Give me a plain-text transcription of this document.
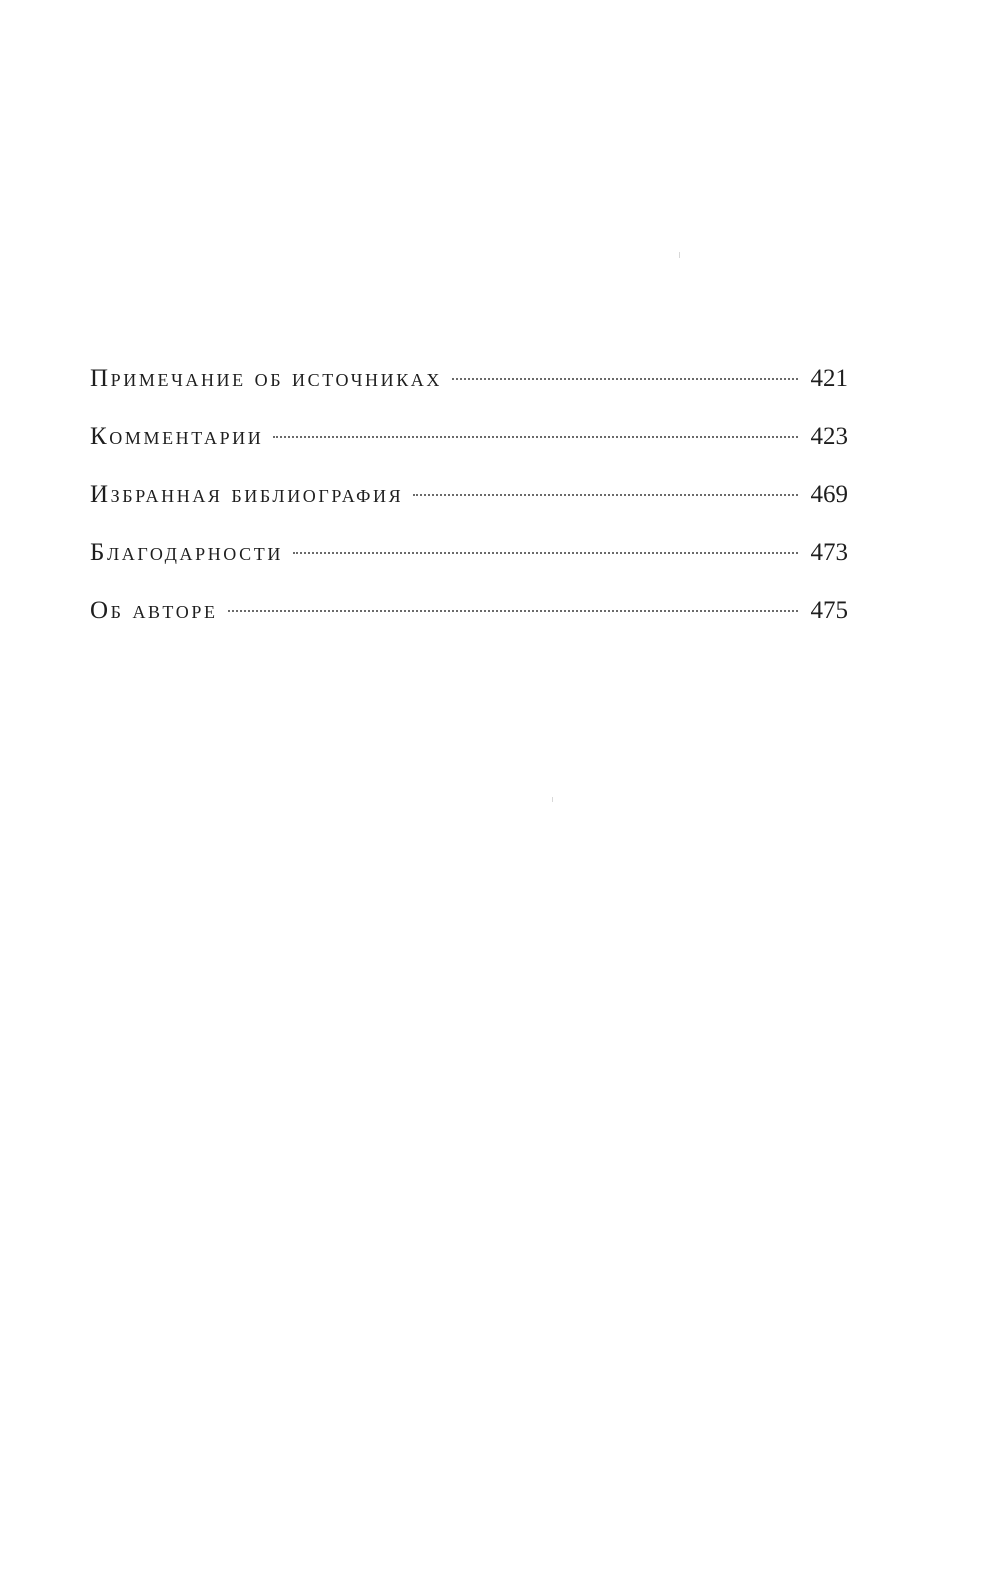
Примечание об источниках	421
Комментарии	423
Избранная библиография	469
Благодарности	473
Об авторе	475
